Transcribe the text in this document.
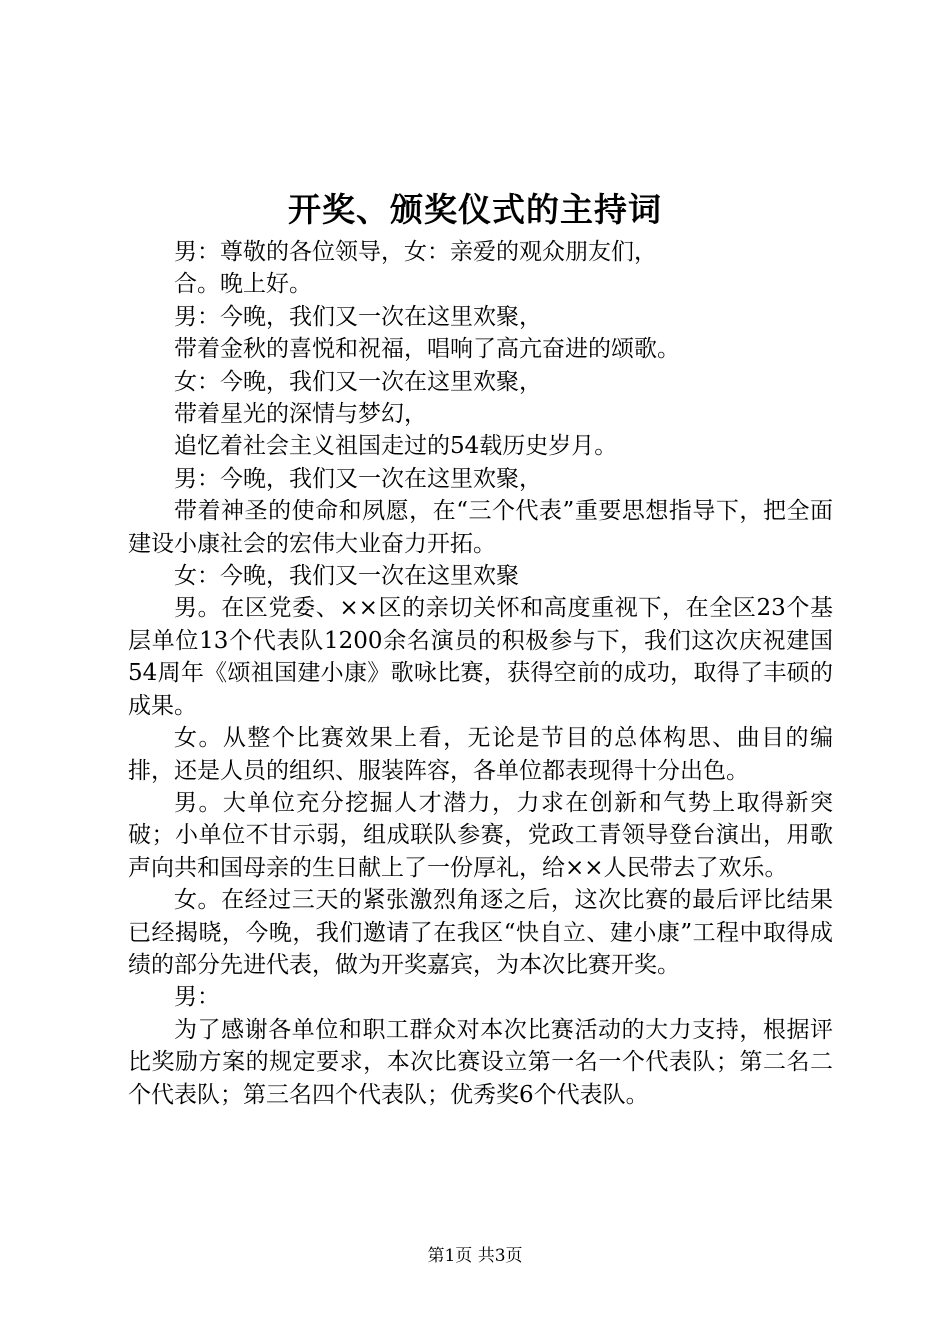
开奖、颁奖仪式的主持词

男：尊敬的各位领导，女：亲爱的观众朋友们，

合。晚上好。

男：今晚，我们又一次在这里欢聚，

带着金秋的喜悦和祝福，唱响了高亢奋进的颂歌。

女：今晚，我们又一次在这里欢聚，

带着星光的深情与梦幻，

追忆着社会主义祖国走过的54载历史岁月。

男：今晚，我们又一次在这里欢聚，

带着神圣的使命和夙愿，在“三个代表”重要思想指导下，把全面建设小康社会的宏伟大业奋力开拓。

女：今晚，我们又一次在这里欢聚

男。在区党委、××区的亲切关怀和高度重视下，在全区23个基层单位13个代表队1200余名演员的积极参与下，我们这次庆祝建国54周年《颂祖国建小康》歌咏比赛，获得空前的成功，取得了丰硕的成果。

女。从整个比赛效果上看，无论是节目的总体构思、曲目的编排，还是人员的组织、服装阵容，各单位都表现得十分出色。

男。大单位充分挖掘人才潜力，力求在创新和气势上取得新突破；小单位不甘示弱，组成联队参赛，党政工青领导登台演出，用歌声向共和国母亲的生日献上了一份厚礼，给××人民带去了欢乐。

女。在经过三天的紧张激烈角逐之后，这次比赛的最后评比结果已经揭晓，今晚，我们邀请了在我区“快自立、建小康”工程中取得成绩的部分先进代表，做为开奖嘉宾，为本次比赛开奖。

男：

为了感谢各单位和职工群众对本次比赛活动的大力支持，根据评比奖励方案的规定要求，本次比赛设立第一名一个代表队；第二名二个代表队；第三名四个代表队；优秀奖6个代表队。

第1页 共3页
